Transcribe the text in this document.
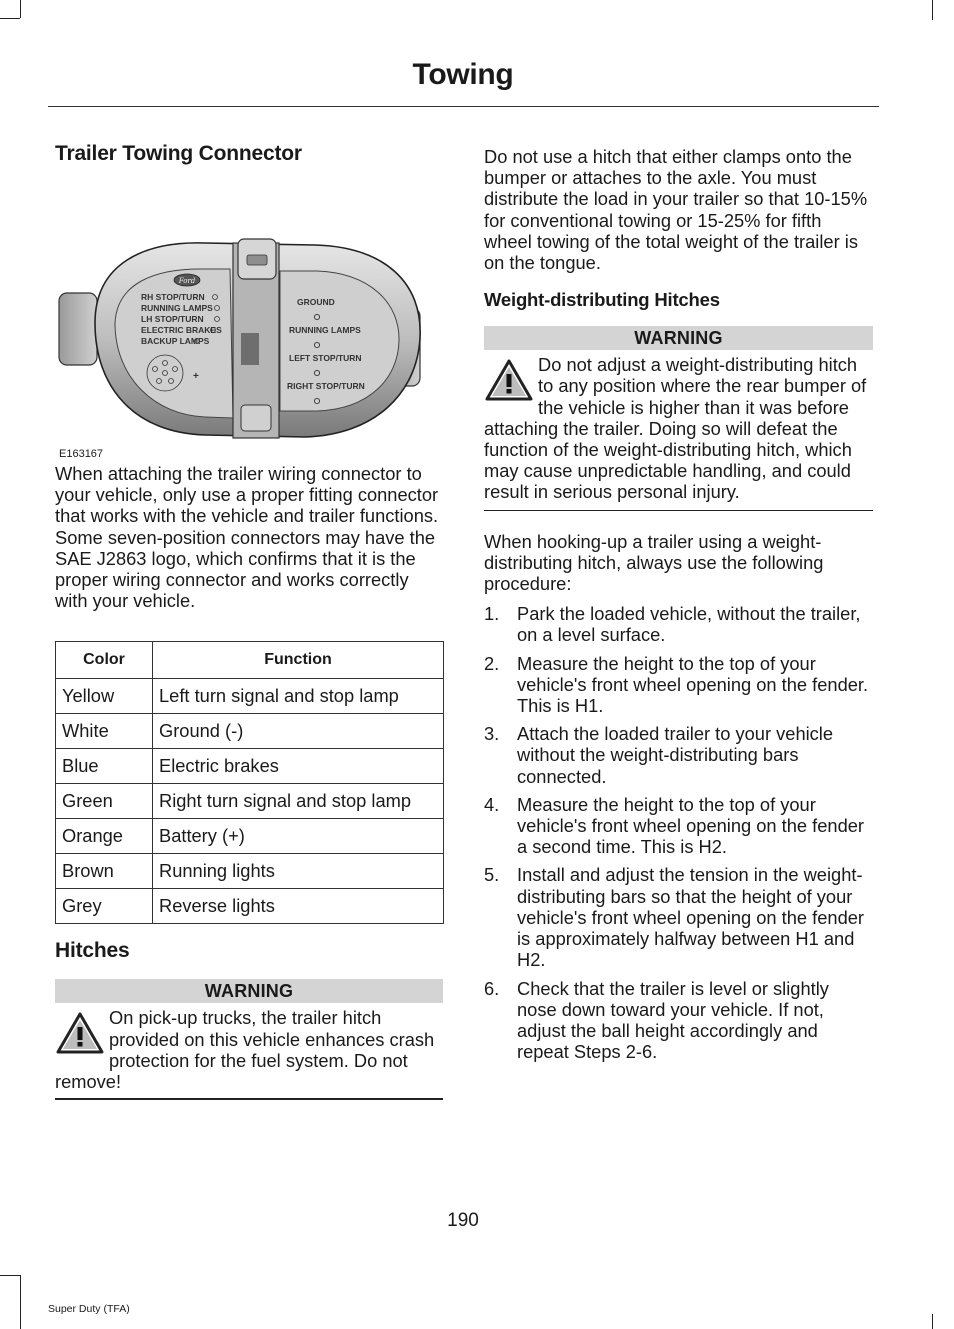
Towing
Trailer Towing Connector
Ford
RH STOP/TURN
RUNNING LAMPS
LH STOP/TURN
ELECTRIC BRAKES
BACKUP LAMPS
+
GROUND
RUNNING LAMPS
LEFT STOP/TURN
RIGHT STOP/TURN
E163167

When attaching the trailer wiring connector to your vehicle, only use a proper fitting connector that works with the vehicle and trailer functions. Some seven-position connectors may have the SAE J2863 logo, which confirms that it is the proper wiring connector and works correctly with your vehicle.

Color	Function
Yellow	Left turn signal and stop lamp
White	Ground (-)
Blue	Electric brakes
Green	Right turn signal and stop lamp
Orange	Battery (+)
Brown	Running lights
Grey	Reverse lights
Hitches
WARNING
On pick-up trucks, the trailer hitch provided on this vehicle enhances crash protection for the fuel system. Do not remove!

Do not use a hitch that either clamps onto the bumper or attaches to the axle. You must distribute the load in your trailer so that 10-15% for conventional towing or 15-25% for fifth wheel towing of the total weight of the trailer is on the tongue.

Weight-distributing Hitches
WARNING
Do not adjust a weight-distributing hitch to any position where the rear bumper of the vehicle is higher than it was before attaching the trailer. Doing so will defeat the function of the weight-distributing hitch, which may cause unpredictable handling, and could result in serious personal injury.

When hooking-up a trailer using a weight-distributing hitch, always use the following procedure:

1. Park the loaded vehicle, without the trailer, on a level surface.
2. Measure the height to the top of your vehicle's front wheel opening on the fender. This is H1.
3. Attach the loaded trailer to your vehicle without the weight-distributing bars connected.
4. Measure the height to the top of your vehicle's front wheel opening on the fender a second time. This is H2.
5. Install and adjust the tension in the weight-distributing bars so that the height of your vehicle's front wheel opening on the fender is approximately halfway between H1 and H2.
6. Check that the trailer is level or slightly nose down toward your vehicle. If not, adjust the ball height accordingly and repeat Steps 2-6.
190
Super Duty (TFA)
